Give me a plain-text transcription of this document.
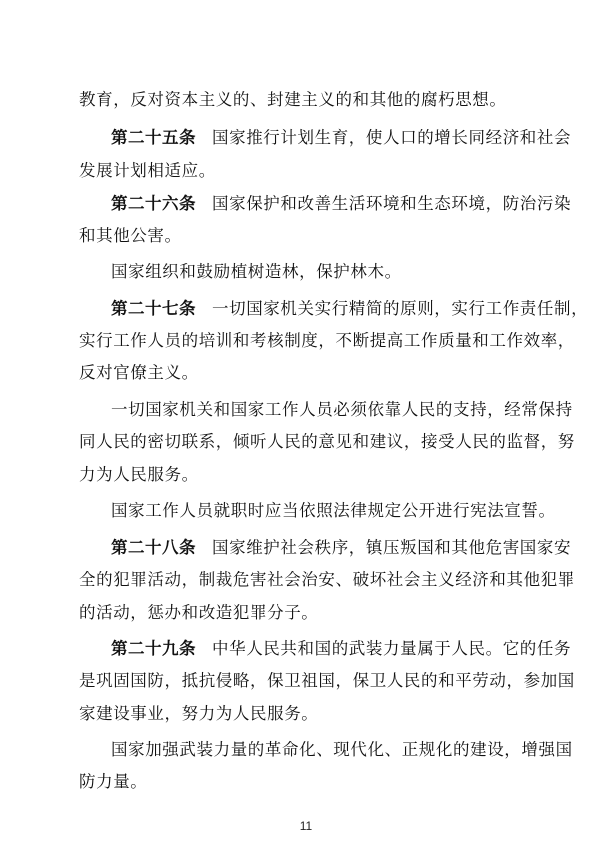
教育，反对资本主义的、封建主义的和其他的腐朽思想。
第二十五条 国家推行计划生育，使人口的增长同经济和社会
发展计划相适应。
第二十六条 国家保护和改善生活环境和生态环境，防治污染
和其他公害。
国家组织和鼓励植树造林，保护林木。
第二十七条 一切国家机关实行精简的原则，实行工作责任制，
实行工作人员的培训和考核制度，不断提高工作质量和工作效率，
反对官僚主义。
一切国家机关和国家工作人员必须依靠人民的支持，经常保持
同人民的密切联系，倾听人民的意见和建议，接受人民的监督，努
力为人民服务。
国家工作人员就职时应当依照法律规定公开进行宪法宣誓。
第二十八条 国家维护社会秩序，镇压叛国和其他危害国家安
全的犯罪活动，制裁危害社会治安、破坏社会主义经济和其他犯罪
的活动，惩办和改造犯罪分子。
第二十九条 中华人民共和国的武装力量属于人民。它的任务
是巩固国防，抵抗侵略，保卫祖国，保卫人民的和平劳动，参加国
家建设事业，努力为人民服务。
国家加强武装力量的革命化、现代化、正规化的建设，增强国
防力量。
11
